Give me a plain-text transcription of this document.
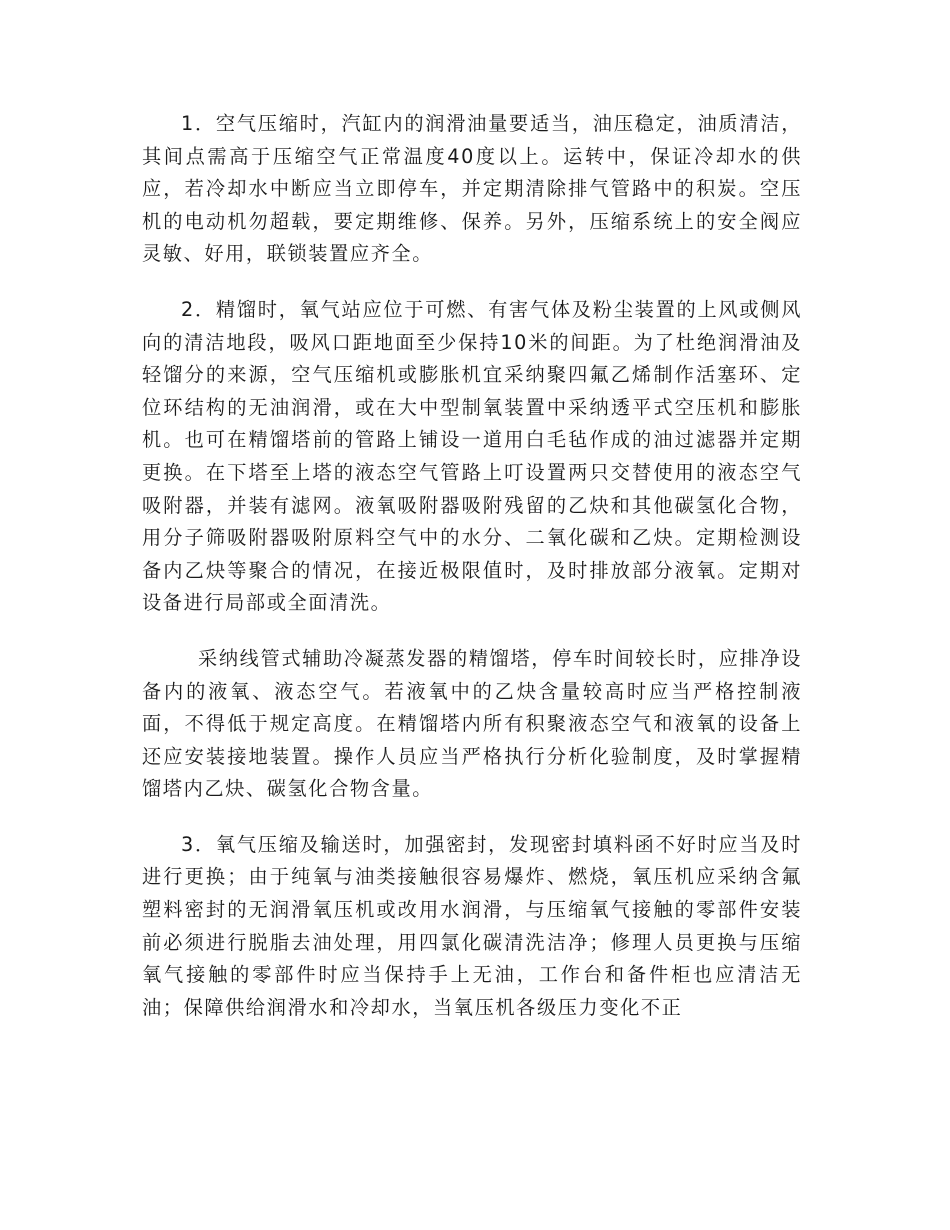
1．空气压缩时，汽缸内的润滑油量要适当，油压稳定，油质清洁，其间点需高于压缩空气正常温度40度以上。运转中，保证冷却水的供应，若冷却水中断应当立即停车，并定期清除排气管路中的积炭。空压机的电动机勿超载，要定期维修、保养。另外，压缩系统上的安全阀应灵敏、好用，联锁装置应齐全。

2．精馏时，氧气站应位于可燃、有害气体及粉尘装置的上风或侧风向的清洁地段，吸风口距地面至少保持10米的间距。为了杜绝润滑油及轻馏分的来源，空气压缩机或膨胀机宜采纳聚四氟乙烯制作活塞环、定位环结构的无油润滑，或在大中型制氧装置中采纳透平式空压机和膨胀机。也可在精馏塔前的管路上铺设一道用白毛毡作成的油过滤器并定期更换。在下塔至上塔的液态空气管路上叮设置两只交替使用的液态空气吸附器，并装有滤网。液氧吸附器吸附残留的乙炔和其他碳氢化合物，用分子筛吸附器吸附原料空气中的水分、二氧化碳和乙炔。定期检测设备内乙炔等聚合的情况，在接近极限值时，及时排放部分液氧。定期对设备进行局部或全面清洗。

采纳线管式辅助冷凝蒸发器的精馏塔，停车时间较长时，应排净设备内的液氧、液态空气。若液氧中的乙炔含量较高时应当严格控制液面，不得低于规定高度。在精馏塔内所有积聚液态空气和液氧的设备上还应安装接地装置。操作人员应当严格执行分析化验制度，及时掌握精馏塔内乙炔、碳氢化合物含量。

3．氧气压缩及输送时，加强密封，发现密封填料函不好时应当及时进行更换；由于纯氧与油类接触很容易爆炸、燃烧，氧压机应采纳含氟塑料密封的无润滑氧压机或改用水润滑，与压缩氧气接触的零部件安装前必须进行脱脂去油处理，用四氯化碳清洗洁净；修理人员更换与压缩氧气接触的零部件时应当保持手上无油，工作台和备件柜也应清洁无油；保障供给润滑水和冷却水，当氧压机各级压力变化不正
